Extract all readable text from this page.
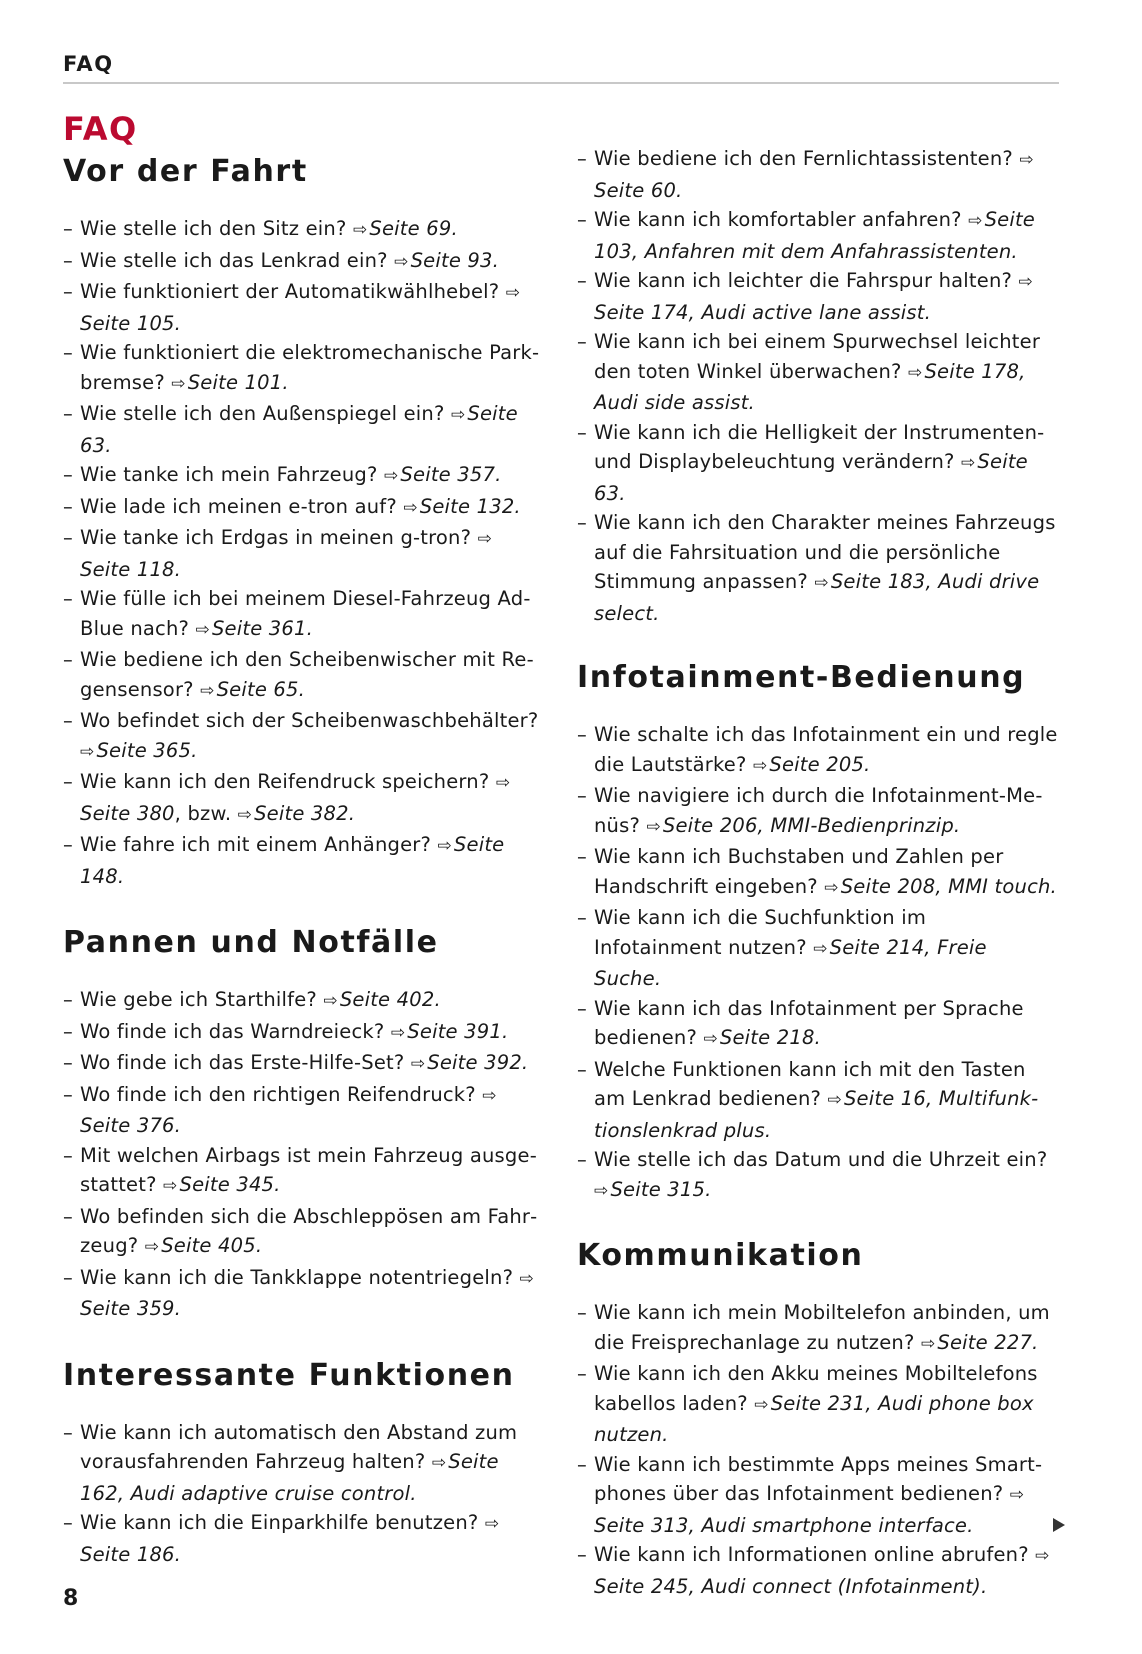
FAQ
FAQ
Vor der Fahrt
– Wie stelle ich den Sitz ein? ⇨ Seite 69.
– Wie stelle ich das Lenkrad ein? ⇨ Seite 93.
– Wie funktioniert der Automatikwählhebel? ⇨Seite 105.
– Wie funktioniert die elektromechanische Parkbremse? ⇨ Seite 101.
– Wie stelle ich den Außenspiegel ein? ⇨ Seite 63.
– Wie tanke ich mein Fahrzeug? ⇨ Seite 357.
– Wie lade ich meinen e-tron auf? ⇨ Seite 132.
– Wie tanke ich Erdgas in meinen g-tron? ⇨Seite 118.
– Wie fülle ich bei meinem Diesel-Fahrzeug AdBlue nach? ⇨ Seite 361.
– Wie bediene ich den Scheibenwischer mit Regensensor? ⇨ Seite 65.
– Wo befindet sich der Scheibenwaschbehälter? ⇨ Seite 365.
– Wie kann ich den Reifendruck speichern? ⇨Seite 380, bzw. ⇨ Seite 382.
– Wie fahre ich mit einem Anhänger? ⇨ Seite 148.
Pannen und Notfälle
– Wie gebe ich Starthilfe? ⇨ Seite 402.
– Wo finde ich das Warndreieck? ⇨ Seite 391.
– Wo finde ich das Erste-Hilfe-Set? ⇨ Seite 392.
– Wo finde ich den richtigen Reifendruck? ⇨Seite 376.
– Mit welchen Airbags ist mein Fahrzeug ausgestattet? ⇨ Seite 345.
– Wo befinden sich die Abschleppösen am Fahrzeug? ⇨ Seite 405.
– Wie kann ich die Tankklappe notentriegeln? ⇨Seite 359.
Interessante Funktionen
– Wie kann ich automatisch den Abstand zum vorausfahrenden Fahrzeug halten? ⇨ Seite 162, Audi adaptive cruise control.
– Wie kann ich die Einparkhilfe benutzen? ⇨Seite 186.
– Wie bediene ich den Fernlichtassistenten? ⇨Seite 60.
– Wie kann ich komfortabler anfahren? ⇨ Seite 103, Anfahren mit dem Anfahrassistenten.
– Wie kann ich leichter die Fahrspur halten? ⇨Seite 174, Audi active lane assist.
– Wie kann ich bei einem Spurwechsel leichter den toten Winkel überwachen? ⇨ Seite 178, Audi side assist.
– Wie kann ich die Helligkeit der Instrumenten- und Displaybeleuchtung verändern? ⇨ Seite 63.
– Wie kann ich den Charakter meines Fahrzeugs auf die Fahrsituation und die persönliche Stimmung anpassen? ⇨ Seite 183, Audi drive select.
Infotainment-Bedienung
– Wie schalte ich das Infotainment ein und regle die Lautstärke? ⇨ Seite 205.
– Wie navigiere ich durch die Infotainment-Menüs? ⇨ Seite 206, MMI-Bedienprinzip.
– Wie kann ich Buchstaben und Zahlen per Handschrift eingeben? ⇨ Seite 208, MMI touch.
– Wie kann ich die Suchfunktion im Infotainment nutzen? ⇨ Seite 214, Freie Suche.
– Wie kann ich das Infotainment per Sprache bedienen? ⇨ Seite 218.
– Welche Funktionen kann ich mit den Tasten am Lenkrad bedienen? ⇨ Seite 16, Multifunktionslenkrad plus.
– Wie stelle ich das Datum und die Uhrzeit ein? ⇨ Seite 315.
Kommunikation
– Wie kann ich mein Mobiltelefon anbinden, um die Freisprechanlage zu nutzen? ⇨ Seite 227.
– Wie kann ich den Akku meines Mobiltelefons kabellos laden? ⇨ Seite 231, Audi phone box nutzen.
– Wie kann ich bestimmte Apps meines Smartphones über das Infotainment bedienen? ⇨Seite 313, Audi smartphone interface.
– Wie kann ich Informationen online abrufen? ⇨Seite 245, Audi connect (Infotainment).
8
